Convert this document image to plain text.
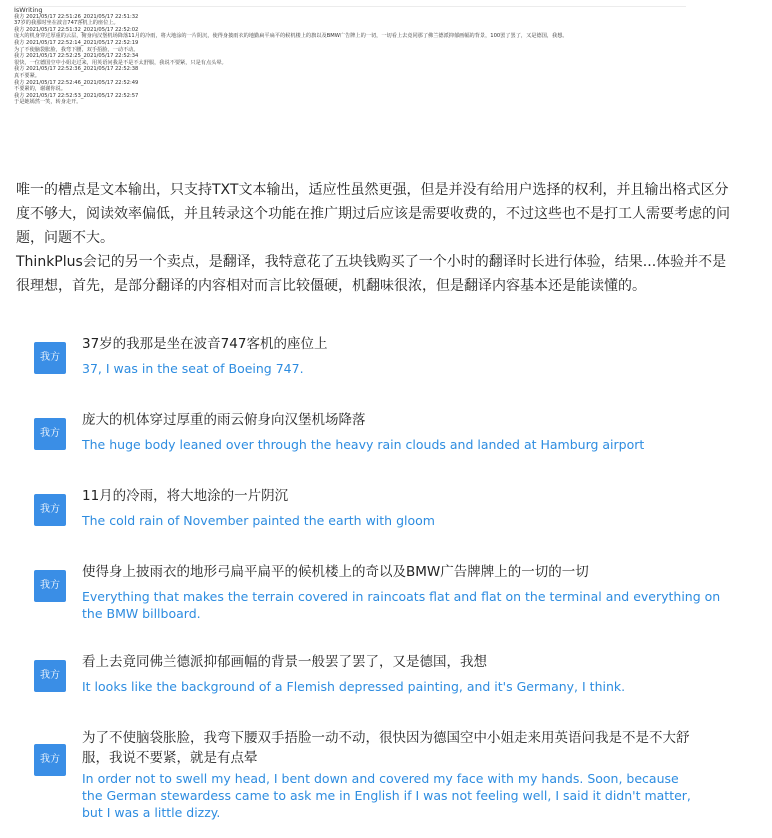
IsWriting
我方 2021/05/17 22:51:26_2021/05/17 22:51:32
37岁的我那时坐在波音747客机上的座位上。
我方 2021/05/17 22:51:32_2021/05/17 22:52:02
庞大的机身穿过厚重的云层，俯身向汉堡机场降落11月的冷雨，将大地涂的一片阴沉，使得身披雨衣的地勤扁平扁平的候机楼上的旗以及BMW广告牌上的一切，一切看上去竟同那了佛兰德派抑郁画幅的背景，100罢了罢了，又是德国，我想。
我方 2021/05/17 22:52:14_2021/05/17 22:52:19
为了不使脑袋胀脸，我弯下腰，双手捂脸，一动不动。
我方 2021/05/17 22:52:25_2021/05/17 22:52:34
很快，一位德国空中小姐走过来，用英语问我是不是不太舒服，我说不要紧，只是有点头晕。
我方 2021/05/17 22:52:36_2021/05/17 22:52:38
真不要紧。
我方 2021/05/17 22:52:46_2021/05/17 22:52:49
不要紧的，谢谢你说。
我方 2021/05/17 22:52:53_2021/05/17 22:52:57
于是她嫣然一笑，转身走开。

唯一的槽点是文本输出，只支持TXT文本输出，适应性虽然更强，但是并没有给用户选择的权利，并且输出格式区分度不够大，阅读效率偏低，并且转录这个功能在推广期过后应该是需要收费的，不过这些也不是打工人需要考虑的问题，问题不大。

ThinkPlus会记的另一个卖点，是翻译，我特意花了五块钱购买了一个小时的翻译时长进行体验，结果...体验并不是很理想，首先，是部分翻译的内容相对而言比较僵硬，机翻味很浓，但是翻译内容基本还是能读懂的。

我方
37岁的我那是坐在波音747客机的座位上
37, I was in the seat of Boeing 747.
我方
庞大的机体穿过厚重的雨云俯身向汉堡机场降落
The huge body leaned over through the heavy rain clouds and landed at Hamburg airport
我方
11月的冷雨，将大地涂的一片阴沉
The cold rain of November painted the earth with gloom
我方
使得身上披雨衣的地形弓扁平扁平的候机楼上的奇以及BMW广告牌牌上的一切的一切
Everything that makes the terrain covered in raincoats flat and flat on the terminal and everything on the BMW billboard.
我方
看上去竟同佛兰德派抑郁画幅的背景一般罢了罢了，又是德国，我想
It looks like the background of a Flemish depressed painting, and it's Germany, I think.
我方
为了不使脑袋胀脸，我弯下腰双手捂脸一动不动，很快因为德国空中小姐走来用英语问我是不是不大舒服，我说不要紧，就是有点晕
In order not to swell my head, I bent down and covered my face with my hands. Soon, because the German stewardess came to ask me in English if I was not feeling well, I said it didn't matter, but I was a little dizzy.
